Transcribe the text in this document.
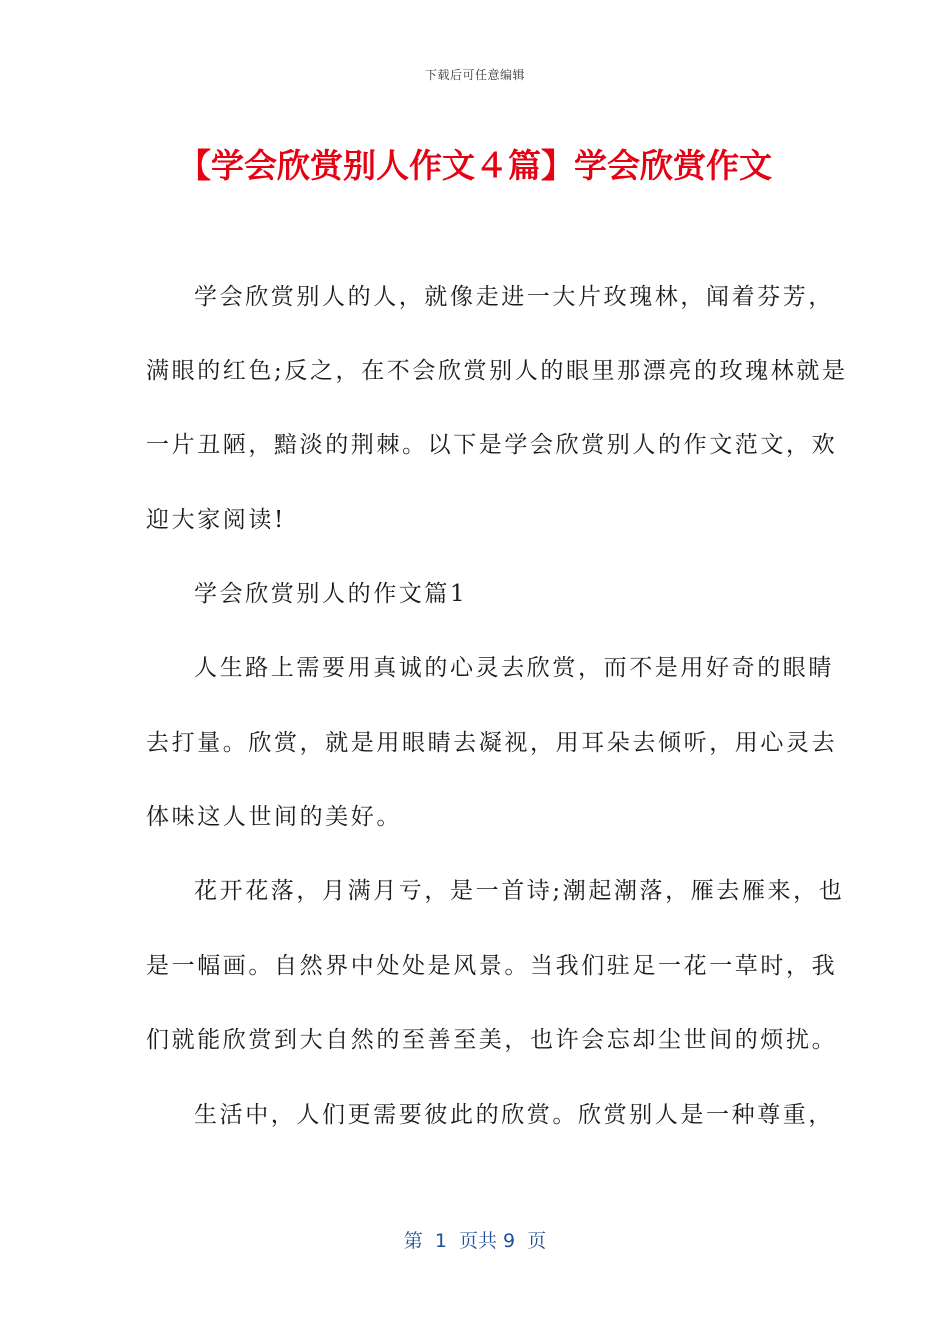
下载后可任意编辑
【学会欣赏别人作文４篇】学会欣赏作文
学会欣赏别人的人，就像走进一大片玫瑰林，闻着芬芳，
满眼的红色;反之，在不会欣赏别人的眼里那漂亮的玫瑰林就是
一片丑陋，黯淡的荆棘。以下是学会欣赏别人的作文范文，欢
迎大家阅读!
学会欣赏别人的作文篇1
人生路上需要用真诚的心灵去欣赏，而不是用好奇的眼睛
去打量。欣赏，就是用眼睛去凝视，用耳朵去倾听，用心灵去
体味这人世间的美好。
花开花落，月满月亏，是一首诗;潮起潮落，雁去雁来，也
是一幅画。自然界中处处是风景。当我们驻足一花一草时，我
们就能欣赏到大自然的至善至美，也许会忘却尘世间的烦扰。
生活中，人们更需要彼此的欣赏。欣赏别人是一种尊重，
第  1  页共 9  页
